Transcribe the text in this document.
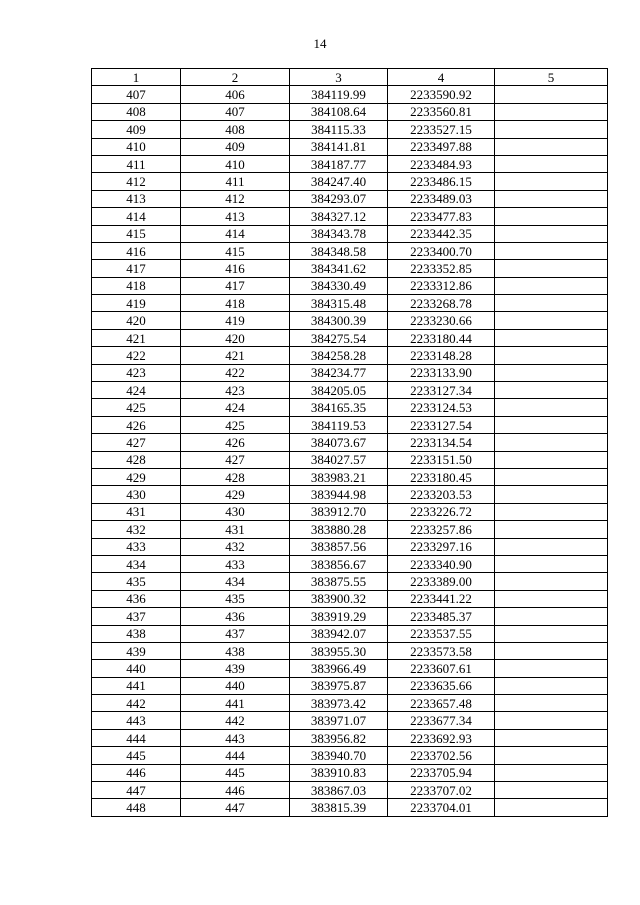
14
1	2	3	4	5
407	406	384119.99	2233590.92	
408	407	384108.64	2233560.81	
409	408	384115.33	2233527.15	
410	409	384141.81	2233497.88	
411	410	384187.77	2233484.93	
412	411	384247.40	2233486.15	
413	412	384293.07	2233489.03	
414	413	384327.12	2233477.83	
415	414	384343.78	2233442.35	
416	415	384348.58	2233400.70	
417	416	384341.62	2233352.85	
418	417	384330.49	2233312.86	
419	418	384315.48	2233268.78	
420	419	384300.39	2233230.66	
421	420	384275.54	2233180.44	
422	421	384258.28	2233148.28	
423	422	384234.77	2233133.90	
424	423	384205.05	2233127.34	
425	424	384165.35	2233124.53	
426	425	384119.53	2233127.54	
427	426	384073.67	2233134.54	
428	427	384027.57	2233151.50	
429	428	383983.21	2233180.45	
430	429	383944.98	2233203.53	
431	430	383912.70	2233226.72	
432	431	383880.28	2233257.86	
433	432	383857.56	2233297.16	
434	433	383856.67	2233340.90	
435	434	383875.55	2233389.00	
436	435	383900.32	2233441.22	
437	436	383919.29	2233485.37	
438	437	383942.07	2233537.55	
439	438	383955.30	2233573.58	
440	439	383966.49	2233607.61	
441	440	383975.87	2233635.66	
442	441	383973.42	2233657.48	
443	442	383971.07	2233677.34	
444	443	383956.82	2233692.93	
445	444	383940.70	2233702.56	
446	445	383910.83	2233705.94	
447	446	383867.03	2233707.02	
448	447	383815.39	2233704.01	
